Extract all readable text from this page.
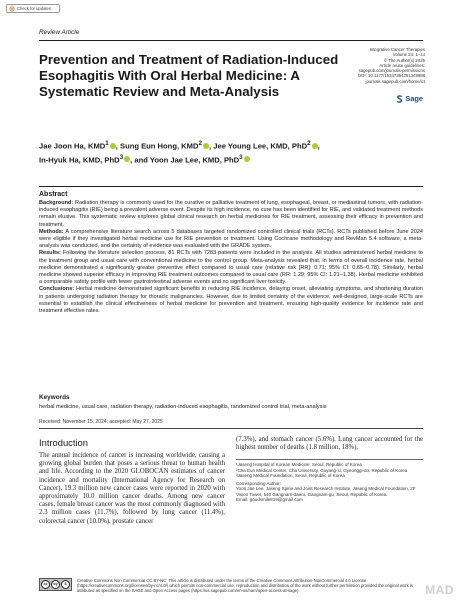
Check for updates
Review Article
Integrative Cancer Therapies
Volume 24: 1–14
© The Author(s) 2025
Article reuse guidelines:
sagepub.com/journals-permissions
DOI: 10.1177/15347354251349988
journals.sagepub.com/home/ict
Sage
Prevention and Treatment of Radiation-Induced Esophagitis With Oral Herbal Medicine: A Systematic Review and Meta-Analysis
Jae Joon Ha, KMD$^1$ , Sung Eun Hong, KMD$^2$ , Jee Young Lee, KMD, PhD$^2$ ,
In-Hyuk Ha, KMD, PhD$^3$ , and Yoon Jae Lee, KMD, PhD$^3$
Abstract

Background: Radiation therapy is commonly used for the curative or palliative treatment of lung, esophageal, breast, or mediastinal tumors, with radiation-induced esophagitis (RIE) being a prevalent adverse event. Despite its high incidence, no cure has been identified for RIE, and validated treatment methods remain elusive. This systematic review explores global clinical research on herbal medicines for RIE treatment, assessing their efficacy in prevention and treatment.

Methods: A comprehensive literature search across 5 databases targeted randomized controlled clinical trials (RCTs). RCTs published before June 2024 were eligible if they investigated herbal medicine use for RIE prevention or treatment. Using Cochrane methodology and RevMan 5.4 software, a meta-analysis was conducted, and the certainty of evidence was evaluated with the GRADE system.

Results: Following the literature selection process, 81 RCTs with 7283 patients were included in the analysis. All studies administered herbal medicine to the treatment group and usual care with conventional medicine to the control group. Meta-analysis revealed that, in terms of overall incidence rate, herbal medicine demonstrated a significantly greater preventive effect compared to usual care (relative risk [RR]: 0.71; 95% CI: 0.65–0.78). Similarly, herbal medicine showed superior efficacy in improving RIE treatment outcomes compared to usual care (RR: 1.29; 95% CI: 1.21–1.38). Herbal medicine exhibited a comparable safety profile with fewer gastrointestinal adverse events and no significant liver toxicity.

Conclusions: Herbal medicine demonstrated significant benefits in reducing RIE incidence, delaying onset, alleviating symptoms, and shortening duration in patients undergoing radiation therapy for thoracic malignancies. However, due to limited certainty of the evidence, well-designed, large-scale RCTs are essential to establish the clinical effectiveness of herbal medicine for prevention and treatment, ensuring high-quality evidence for incidence rate and treatment effective rates.

Keywords
herbal medicine, usual care, radiation therapy, radiation-induced esophagitis, randomized control trial, meta-analysis
Received: November 15, 2024; accepted: May 27, 2025
Introduction
The annual incidence of cancer is increasing worldwide, causing a growing global burden that poses a serious threat to human health and life. According to the 2020 GLOBOCAN estimates of cancer incidence and mortality (International Agency for Research on Cancer), 19.3 million new cancer cases were reported in 2020 with approximately 10.0 million cancer deaths. Among new cancer cases, female breast cancer was the most commonly diagnosed with 2.3 million cases (11.7%), followed by lung cancer (11.4%), colorectal cancer (10.0%), prostate cancer
(7.3%), and stomach cancer (5.6%). Lung cancer accounted for the highest number of deaths (1.8 million, 18%),

¹Jaseng Hospital of Korean Medicine, Seoul, Republic of Korea

²Cha Eun Medical Center, Cha University, Goyang-si, Gyeonggi-do, Republic of Korea

³Jaseng Medical Foundation, Seoul, Republic of Korea

Corresponding Author:

Yoon Jae Lee, Jaseng Spine and Joint Research Institute, Jaseng Medical Foundation, 2F Vision Tower, 540 Gangnam-daero, Gangnam-gu, Seoul, Republic of Korea.

Email: goodsmile819@gmail.com

cc	by	$
Creative Commons Non Commercial CC BY-NC: This article is distributed under the terms of the Creative Commons Attribution-NonCommercial 4.0 License (https://creativecommons.org/licenses/by-nc/4.0/) which permits non-commercial use, reproduction and distribution of the work without further permission provided the original work is attributed as specified on the SAGE and Open Access pages (https://us.sagepub.com/en-us/nam/open-access-at-sage).	MAD
